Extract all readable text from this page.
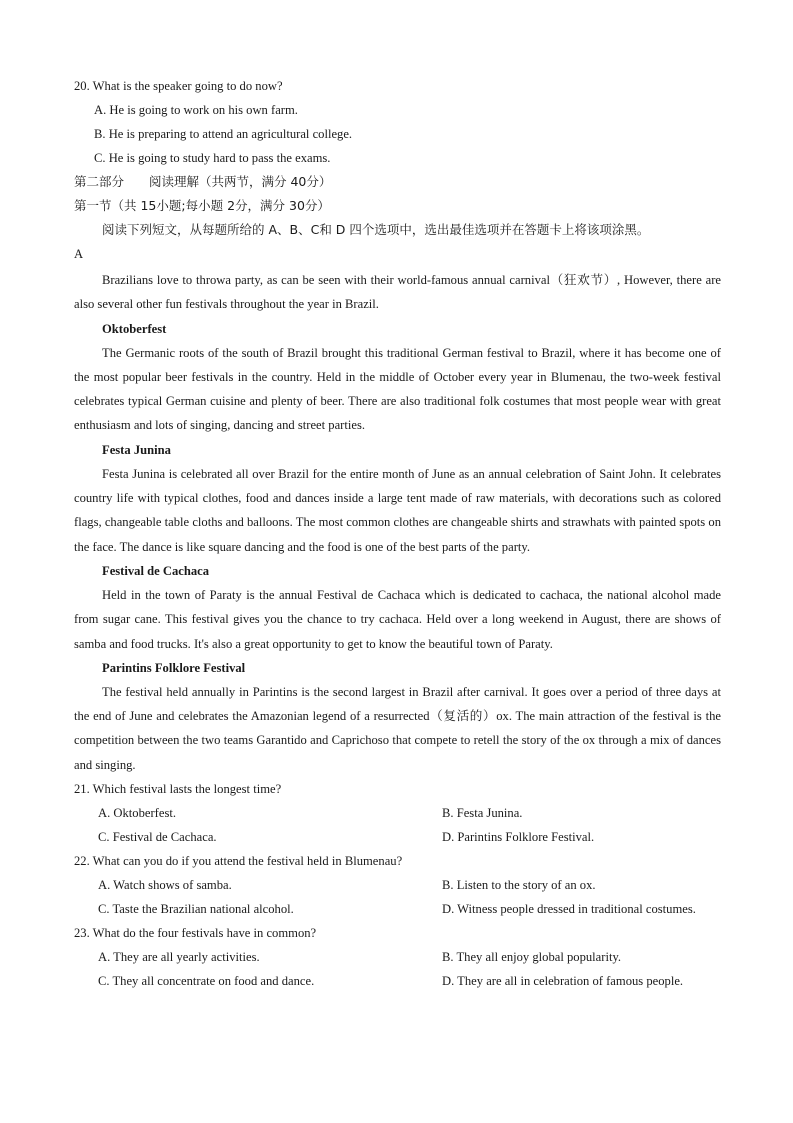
20. What is the speaker going to do now?
A. He is going to work on his own farm.
B. He is preparing to attend an agricultural college.
C. He is going to study hard to pass the exams.
第二部分　　阅读理解（共两节，满分 40分）
第一节（共 15小题;每小题 2分，满分 30分）
阅读下列短文，从每题所给的 A、B、C和 D 四个选项中，选出最佳选项并在答题卡上将该项涂黑。
A
Brazilians love to throwa party, as can be seen with their world-famous annual carnival（狂欢节）, However, there are also several other fun festivals throughout the year in Brazil.
Oktoberfest
The Germanic roots of the south of Brazil brought this traditional German festival to Brazil, where it has become one of the most popular beer festivals in the country. Held in the middle of October every year in Blumenau, the two-week festival celebrates typical German cuisine and plenty of beer. There are also traditional folk costumes that most people wear with great enthusiasm and lots of singing, dancing and street parties.
Festa Junina
Festa Junina is celebrated all over Brazil for the entire month of June as an annual celebration of Saint John. It celebrates country life with typical clothes, food and dances inside a large tent made of raw materials, with decorations such as colored flags, changeable table cloths and balloons. The most common clothes are changeable shirts and strawhats with painted spots on the face. The dance is like square dancing and the food is one of the best parts of the party.
Festival de Cachaca
Held in the town of Paraty is the annual Festival de Cachaca which is dedicated to cachaca, the national alcohol made from sugar cane. This festival gives you the chance to try cachaca. Held over a long weekend in August, there are shows of samba and food trucks. It's also a great opportunity to get to know the beautiful town of Paraty.
Parintins Folklore Festival
The festival held annually in Parintins is the second largest in Brazil after carnival. It goes over a period of three days at the end of June and celebrates the Amazonian legend of a resurrected（复活的）ox. The main attraction of the festival is the competition between the two teams Garantido and Caprichoso that compete to retell the story of the ox through a mix of dances and singing.
21. Which festival lasts the longest time?
A. Oktoberfest.	B. Festa Junina.
C. Festival de Cachaca.	D. Parintins Folklore Festival.
22. What can you do if you attend the festival held in Blumenau?
A. Watch shows of samba.	B. Listen to the story of an ox.
C. Taste the Brazilian national alcohol.	D. Witness people dressed in traditional costumes.
23. What do the four festivals have in common?
A. They are all yearly activities.	B. They all enjoy global popularity.
C. They all concentrate on food and dance.	D. They are all in celebration of famous people.
